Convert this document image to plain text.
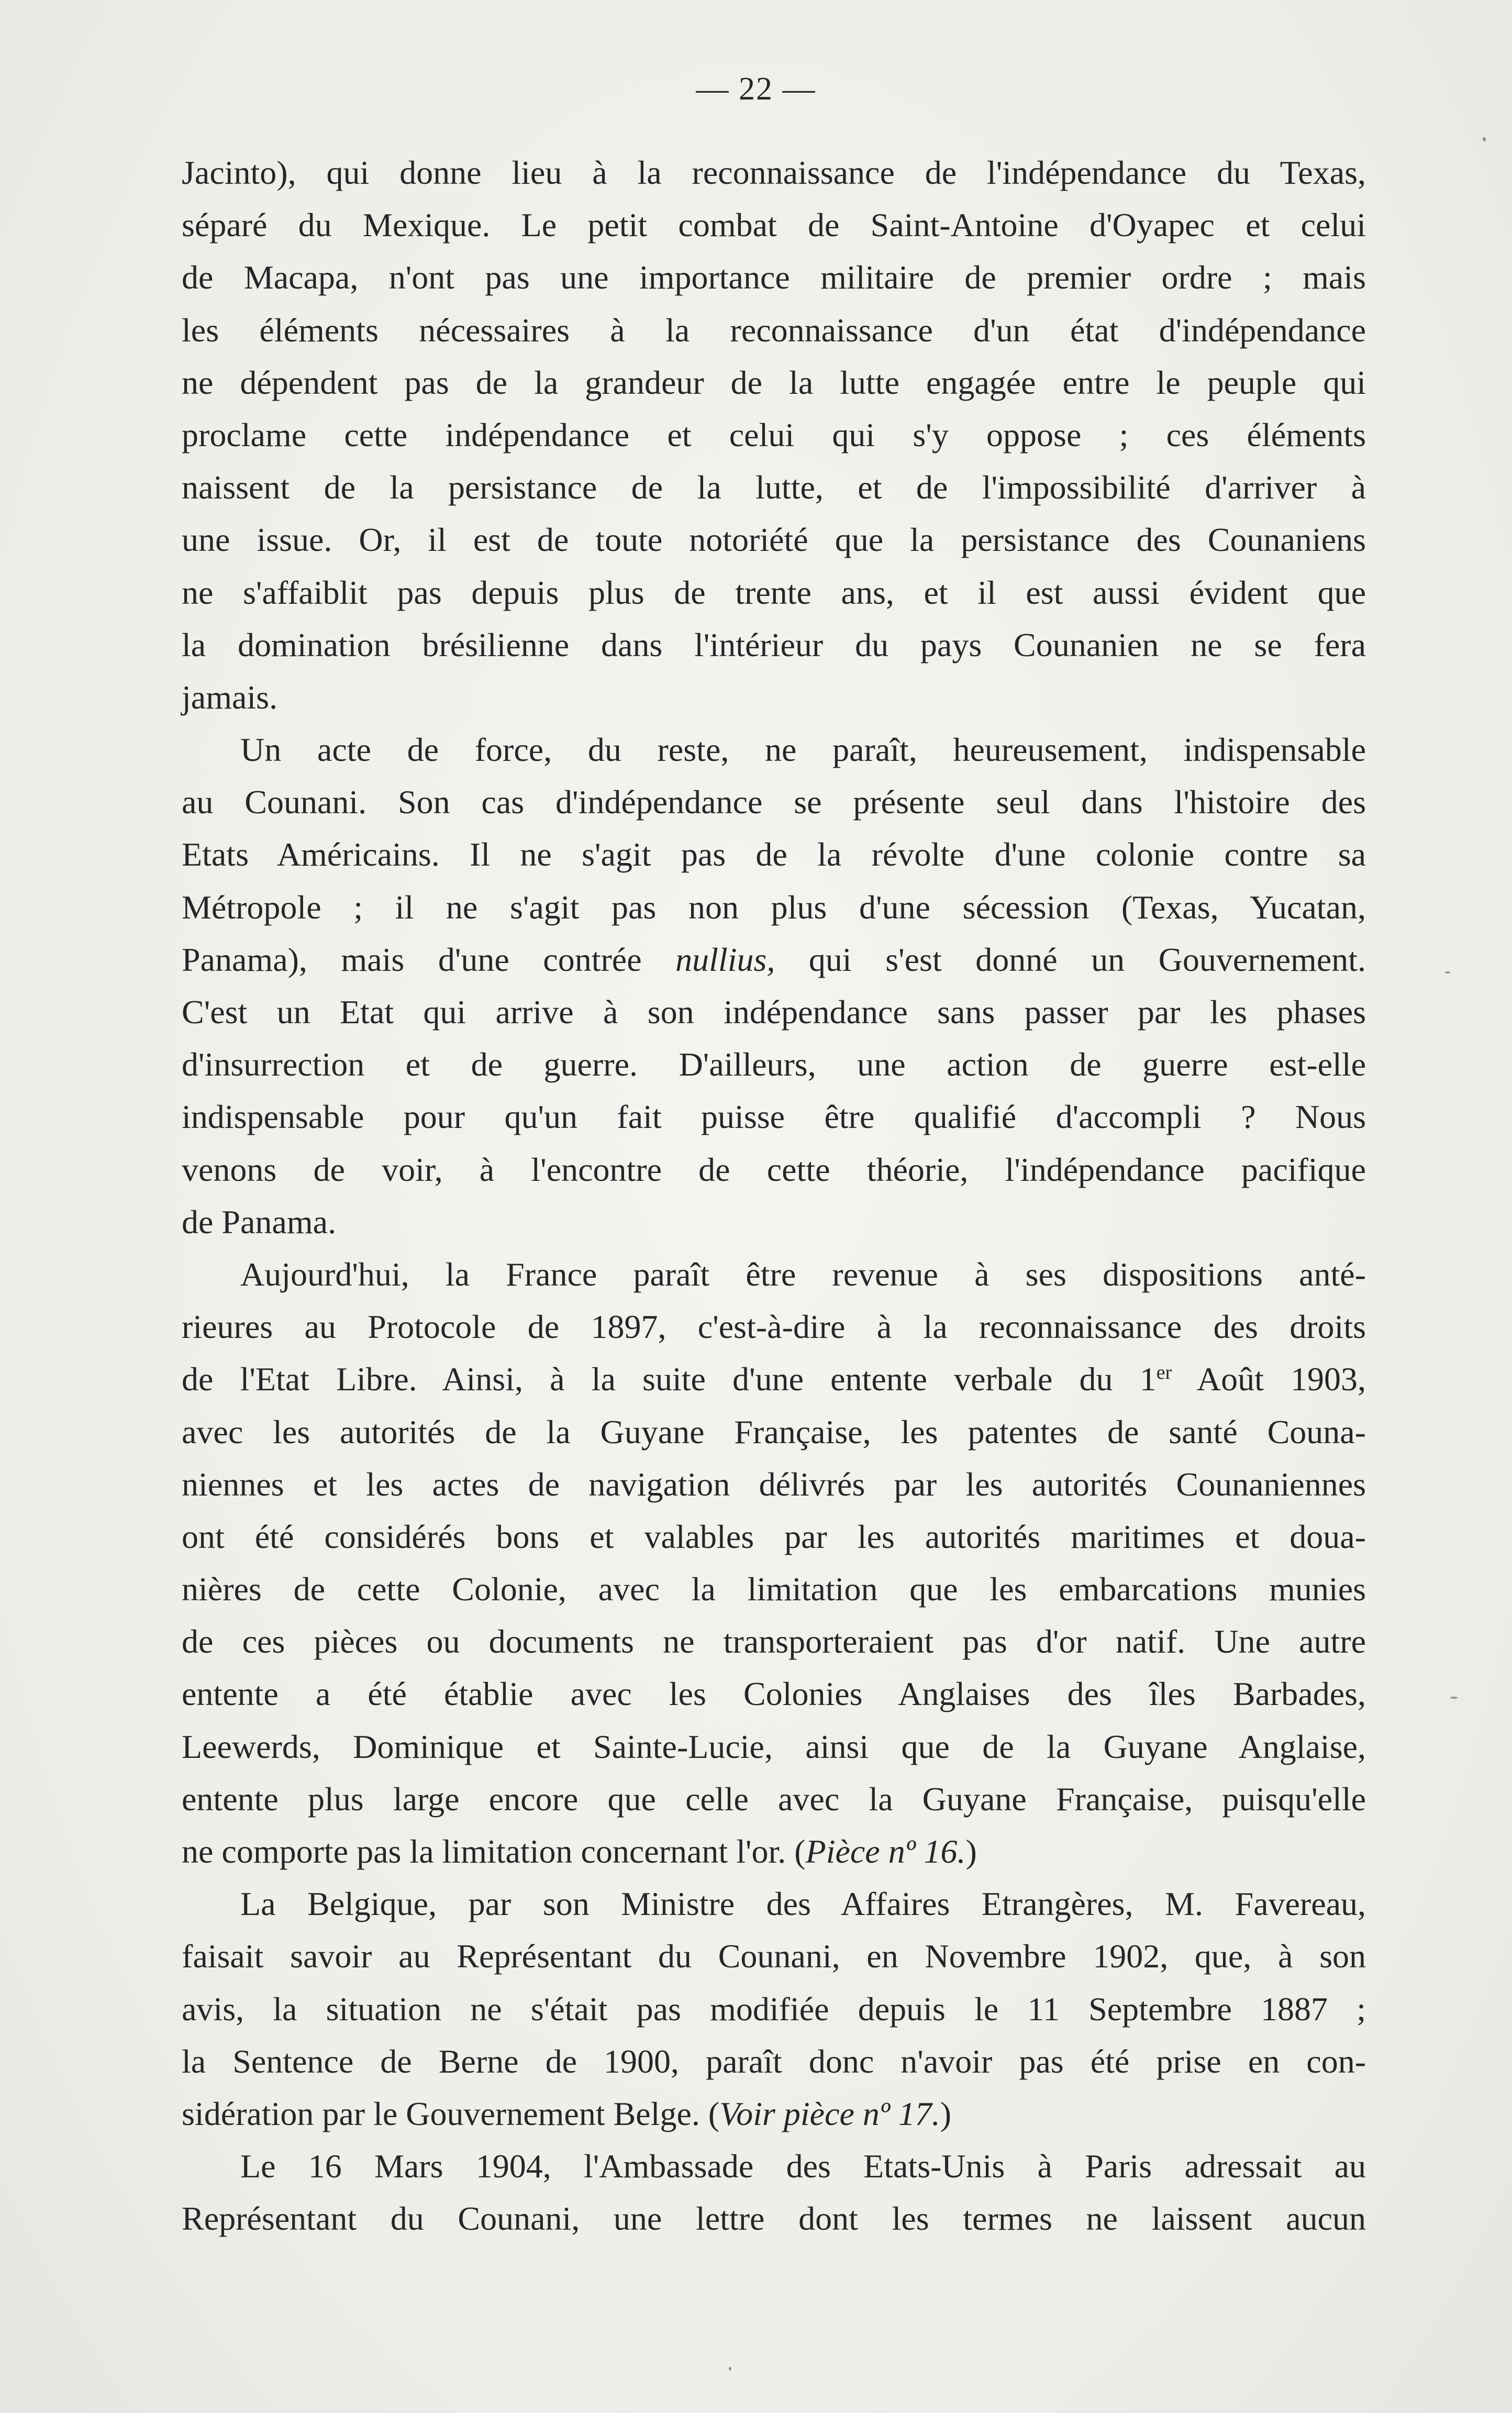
— 22 —
Jacinto), qui donne lieu à la reconnaissance de l'indépendance du Texas,
séparé du Mexique. Le petit combat de Saint-Antoine d'Oyapec et celui
de Macapa, n'ont pas une importance militaire de premier ordre ; mais
les éléments nécessaires à la reconnaissance d'un état d'indépendance
ne dépendent pas de la grandeur de la lutte engagée entre le peuple qui
proclame cette indépendance et celui qui s'y oppose ; ces éléments
naissent de la persistance de la lutte, et de l'impossibilité d'arriver à
une issue. Or, il est de toute notoriété que la persistance des Counaniens
ne s'affaiblit pas depuis plus de trente ans, et il est aussi évident que
la domination brésilienne dans l'intérieur du pays Counanien ne se fera
jamais.
Un acte de force, du reste, ne paraît, heureusement, indispensable
au Counani. Son cas d'indépendance se présente seul dans l'histoire des
Etats Américains. Il ne s'agit pas de la révolte d'une colonie contre sa
Métropole ; il ne s'agit pas non plus d'une sécession (Texas, Yucatan,
Panama), mais d'une contrée nullius, qui s'est donné un Gouvernement.
C'est un Etat qui arrive à son indépendance sans passer par les phases
d'insurrection et de guerre. D'ailleurs, une action de guerre est-elle
indispensable pour qu'un fait puisse être qualifié d'accompli ? Nous
venons de voir, à l'encontre de cette théorie, l'indépendance pacifique
de Panama.
Aujourd'hui, la France paraît être revenue à ses dispositions anté-
rieures au Protocole de 1897, c'est-à-dire à la reconnaissance des droits
de l'Etat Libre. Ainsi, à la suite d'une entente verbale du 1er Août 1903,
avec les autorités de la Guyane Française, les patentes de santé Couna-
niennes et les actes de navigation délivrés par les autorités Counaniennes
ont été considérés bons et valables par les autorités maritimes et doua-
nières de cette Colonie, avec la limitation que les embarcations munies
de ces pièces ou documents ne transporteraient pas d'or natif. Une autre
entente a été établie avec les Colonies Anglaises des îles Barbades,
Leewerds, Dominique et Sainte-Lucie, ainsi que de la Guyane Anglaise,
entente plus large encore que celle avec la Guyane Française, puisqu'elle
ne comporte pas la limitation concernant l'or. (Pièce nº 16.)
La Belgique, par son Ministre des Affaires Etrangères, M. Favereau,
faisait savoir au Représentant du Counani, en Novembre 1902, que, à son
avis, la situation ne s'était pas modifiée depuis le 11 Septembre 1887 ;
la Sentence de Berne de 1900, paraît donc n'avoir pas été prise en con-
sidération par le Gouvernement Belge. (Voir pièce nº 17.)
Le 16 Mars 1904, l'Ambassade des Etats-Unis à Paris adressait au
Représentant du Counani, une lettre dont les termes ne laissent aucun
